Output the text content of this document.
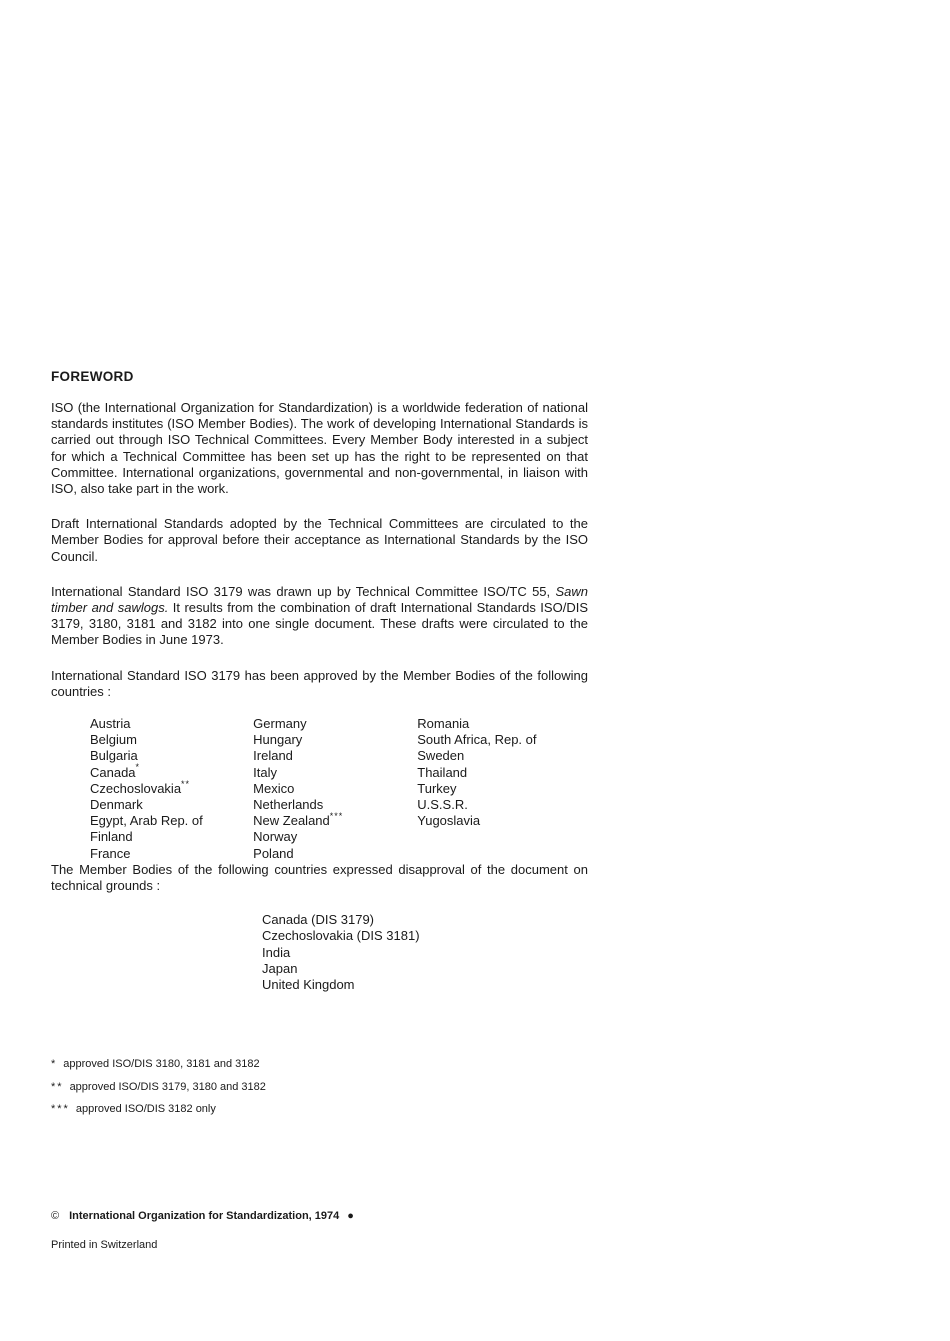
FOREWORD

ISO (the International Organization for Standardization) is a worldwide federation of national standards institutes (ISO Member Bodies). The work of developing International Standards is carried out through ISO Technical Committees. Every Member Body interested in a subject for which a Technical Committee has been set up has the right to be represented on that Committee. International organizations, governmental and non-governmental, in liaison with ISO, also take part in the work.

Draft International Standards adopted by the Technical Committees are circulated to the Member Bodies for approval before their acceptance as International Standards by the ISO Council.

International Standard ISO 3179 was drawn up by Technical Committee ISO/TC 55, Sawn timber and sawlogs. It results from the combination of draft International Standards ISO/DIS 3179, 3180, 3181 and 3182 into one single document. These drafts were circulated to the Member Bodies in June 1973.

International Standard ISO 3179 has been approved by the Member Bodies of the following countries :

Austria
Belgium
Bulgaria
Canada*
Czechoslovakia**
Denmark
Egypt, Arab Rep. of
Finland
France
Germany
Hungary
Ireland
Italy
Mexico
Netherlands
New Zealand***
Norway
Poland
Romania
South Africa, Rep. of
Sweden
Thailand
Turkey
U.S.S.R.
Yugoslavia

The Member Bodies of the following countries expressed disapproval of the document on technical grounds :

Canada (DIS 3179)
Czechoslovakia (DIS 3181)
India
Japan
United Kingdom
* approved ISO/DIS 3180, 3181 and 3182
** approved ISO/DIS 3179, 3180 and 3182
*** approved ISO/DIS 3182 only
© International Organization for Standardization, 1974 ●
Printed in Switzerland
